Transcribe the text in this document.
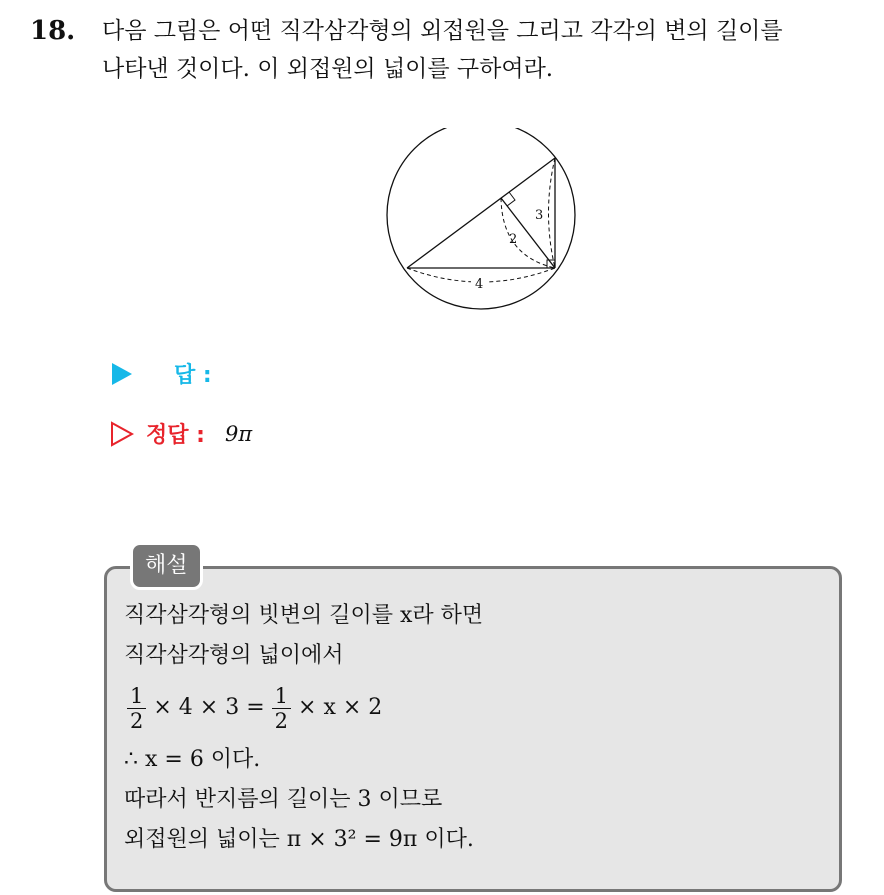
18. 다음 그림은 어떤 직각삼각형의 외접원을 그리고 각각의 변의 길이를
나타낸 것이다. 이 외접원의 넓이를 구하여라.
3
2
4
답 :
정답 : 9π
해설
직각삼각형의 빗변의 길이를 x라 하면
직각삼각형의 넓이에서
$\frac{1}{2} \times 4 \times 3 = \frac{1}{2} \times x \times 2$
∴ x = 6 이다.
따라서 반지름의 길이는 3 이므로
외접원의 넓이는 π × 3² = 9π 이다.
